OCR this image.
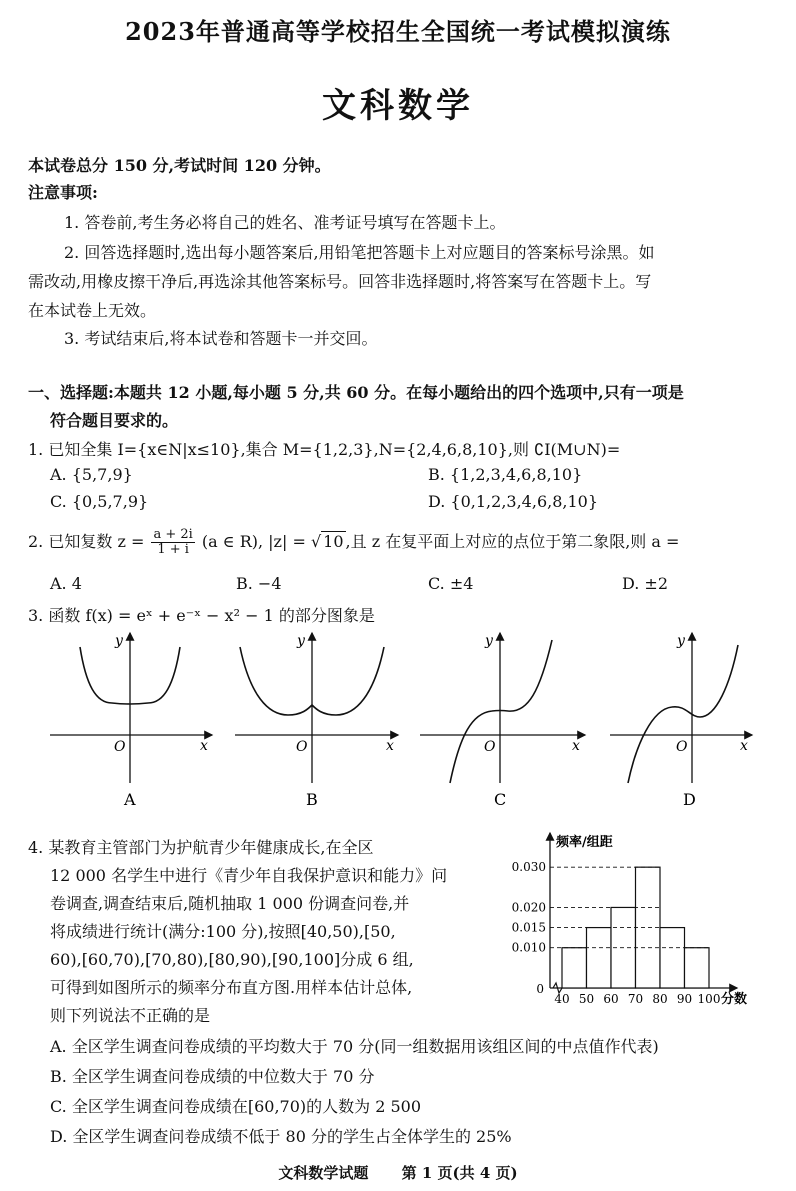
2023年普通高等学校招生全国统一考试模拟演练
文科数学
本试卷总分 150 分,考试时间 120 分钟。
注意事项:
1. 答卷前,考生务必将自己的姓名、准考证号填写在答题卡上。
2. 回答选择题时,选出每小题答案后,用铅笔把答题卡上对应题目的答案标号涂黑。如
需改动,用橡皮擦干净后,再选涂其他答案标号。回答非选择题时,将答案写在答题卡上。写
在本试卷上无效。
3. 考试结束后,将本试卷和答题卡一并交回。
一、选择题:本题共 12 小题,每小题 5 分,共 60 分。在每小题给出的四个选项中,只有一项是
符合题目要求的。
1. 已知全集 I={x∈N|x≤10},集合 M={1,2,3},N={2,4,6,8,10},则 ∁I(M∪N)=
A. {5,7,9}	B. {1,2,3,4,6,8,10}
C. {0,5,7,9}	D. {0,1,2,3,4,6,8,10}
2. 已知复数 $z = \frac{a + 2i}{1 + i} (a$ ∈ R), |z| = √ 10 ,且 z 在复平面上对应的点位于第二象限,则 a =
A. 4	B. −4	C. ±4	D. ±2
3. 函数 f(x) = eˣ + e⁻ˣ − x² − 1 的部分图象是
y
x
O
A
y
x
O
B
y
x
O
C
y
x
O
D
4. 某教育主管部门为护航青少年健康成长,在全区
12 000 名学生中进行《青少年自我保护意识和能力》问
卷调查,调查结束后,随机抽取 1 000 份调查问卷,并
将成绩进行统计(满分:100 分),按照[40,50),[50,
60),[60,70),[70,80),[80,90),[90,100]分成 6 组,
可得到如图所示的频率分布直方图.用样本估计总体,
则下列说法不正确的是
0.010
0.015
0.020
0.030
40 50 60 70 80 90 100
0
频率/组距
分数
A. 全区学生调查问卷成绩的平均数大于 70 分(同一组数据用该组区间的中点值作代表)
B. 全区学生调查问卷成绩的中位数大于 70 分
C. 全区学生调查问卷成绩在[60,70)的人数为 2 500
D. 全区学生调查问卷成绩不低于 80 分的学生占全体学生的 25%
文科数学试题 第 1 页(共 4 页)
